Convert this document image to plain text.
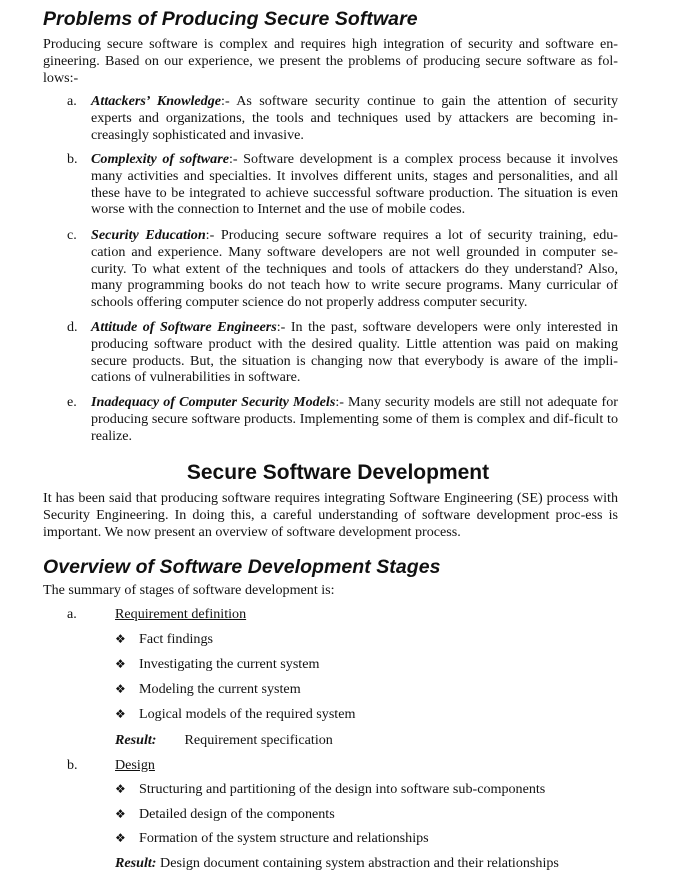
Problems of Producing Secure Software

Producing secure software is complex and requires high integration of security and software en-gineering. Based on our experience, we present the problems of producing secure software as fol-lows:-

a.	Attackers’ Knowledge:- As software security continue to gain the attention of security experts and organizations, the tools and techniques used by attackers are becoming in-creasingly sophisticated and invasive.
b. Complexity of software:- Software development is a complex process because it involves many activities and specialties. It involves different units, stages and personalities, and all these have to be integrated to achieve successful software production. The situation is even worse with the connection to Internet and the use of mobile codes.
c.	Security Education:- Producing secure software requires a lot of security training, edu-cation and experience. Many software developers are not well grounded in computer se-curity. To what extent of the techniques and tools of attackers do they understand? Also, many programming books do not teach how to write secure programs. Many curricular of schools offering computer science do not properly address computer security.
d. Attitude of Software Engineers:- In the past, software developers were only interested in producing software product with the desired quality. Little attention was paid on making secure products. But, the situation is changing now that everybody is aware of the impli-cations of vulnerabilities in software.
e.	Inadequacy of Computer Security Models:- Many security models are still not adequate for producing secure software products. Implementing some of them is complex and dif-ficult to realize.
Secure Software Development

It has been said that producing software requires integrating Software Engineering (SE) process with Security Engineering. In doing this, a careful understanding of software development proc-ess is important. We now present an overview of software development process.

Overview of Software Development Stages

The summary of stages of software development is:

a.	Requirement definition
❖ Fact findings
❖ Investigating the current system
❖ Modeling the current system
❖ Logical models of the required system
Result: Requirement specification
b.	Design
❖ Structuring and partitioning of the design into software sub-components
❖ Detailed design of the components
❖ Formation of the system structure and relationships
Result: Design document containing system abstraction and their relationships
